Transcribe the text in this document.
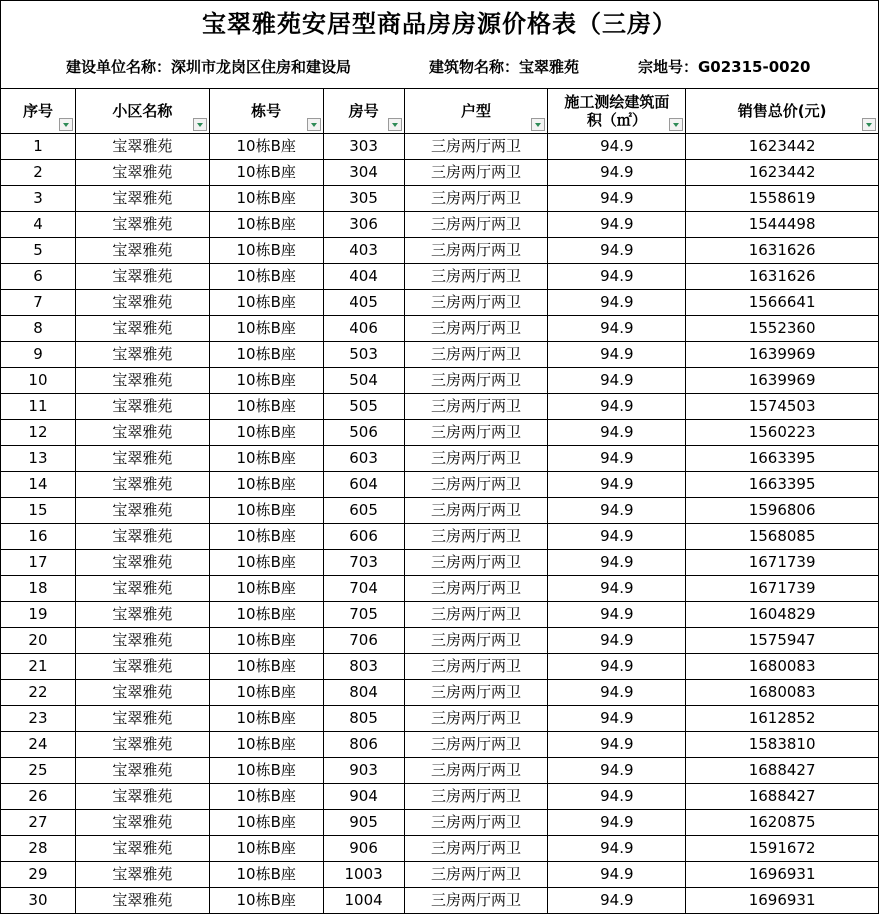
宝翠雅苑安居型商品房房源价格表（三房）
建设单位名称：深圳市龙岗区住房和建设局	建筑物名称：宝翠雅苑	宗地号：G02315-0020
序号	小区名称	栋号	房号	户型	施工测绘建筑面积（㎡）	销售总价(元)

1	宝翠雅苑	10栋B座	303	三房两厅两卫	94.9	1623442
2	宝翠雅苑	10栋B座	304	三房两厅两卫	94.9	1623442
3	宝翠雅苑	10栋B座	305	三房两厅两卫	94.9	1558619
4	宝翠雅苑	10栋B座	306	三房两厅两卫	94.9	1544498
5	宝翠雅苑	10栋B座	403	三房两厅两卫	94.9	1631626
6	宝翠雅苑	10栋B座	404	三房两厅两卫	94.9	1631626
7	宝翠雅苑	10栋B座	405	三房两厅两卫	94.9	1566641
8	宝翠雅苑	10栋B座	406	三房两厅两卫	94.9	1552360
9	宝翠雅苑	10栋B座	503	三房两厅两卫	94.9	1639969
10	宝翠雅苑	10栋B座	504	三房两厅两卫	94.9	1639969
11	宝翠雅苑	10栋B座	505	三房两厅两卫	94.9	1574503
12	宝翠雅苑	10栋B座	506	三房两厅两卫	94.9	1560223
13	宝翠雅苑	10栋B座	603	三房两厅两卫	94.9	1663395
14	宝翠雅苑	10栋B座	604	三房两厅两卫	94.9	1663395
15	宝翠雅苑	10栋B座	605	三房两厅两卫	94.9	1596806
16	宝翠雅苑	10栋B座	606	三房两厅两卫	94.9	1568085
17	宝翠雅苑	10栋B座	703	三房两厅两卫	94.9	1671739
18	宝翠雅苑	10栋B座	704	三房两厅两卫	94.9	1671739
19	宝翠雅苑	10栋B座	705	三房两厅两卫	94.9	1604829
20	宝翠雅苑	10栋B座	706	三房两厅两卫	94.9	1575947
21	宝翠雅苑	10栋B座	803	三房两厅两卫	94.9	1680083
22	宝翠雅苑	10栋B座	804	三房两厅两卫	94.9	1680083
23	宝翠雅苑	10栋B座	805	三房两厅两卫	94.9	1612852
24	宝翠雅苑	10栋B座	806	三房两厅两卫	94.9	1583810
25	宝翠雅苑	10栋B座	903	三房两厅两卫	94.9	1688427
26	宝翠雅苑	10栋B座	904	三房两厅两卫	94.9	1688427
27	宝翠雅苑	10栋B座	905	三房两厅两卫	94.9	1620875
28	宝翠雅苑	10栋B座	906	三房两厅两卫	94.9	1591672
29	宝翠雅苑	10栋B座	1003	三房两厅两卫	94.9	1696931
30	宝翠雅苑	10栋B座	1004	三房两厅两卫	94.9	1696931
